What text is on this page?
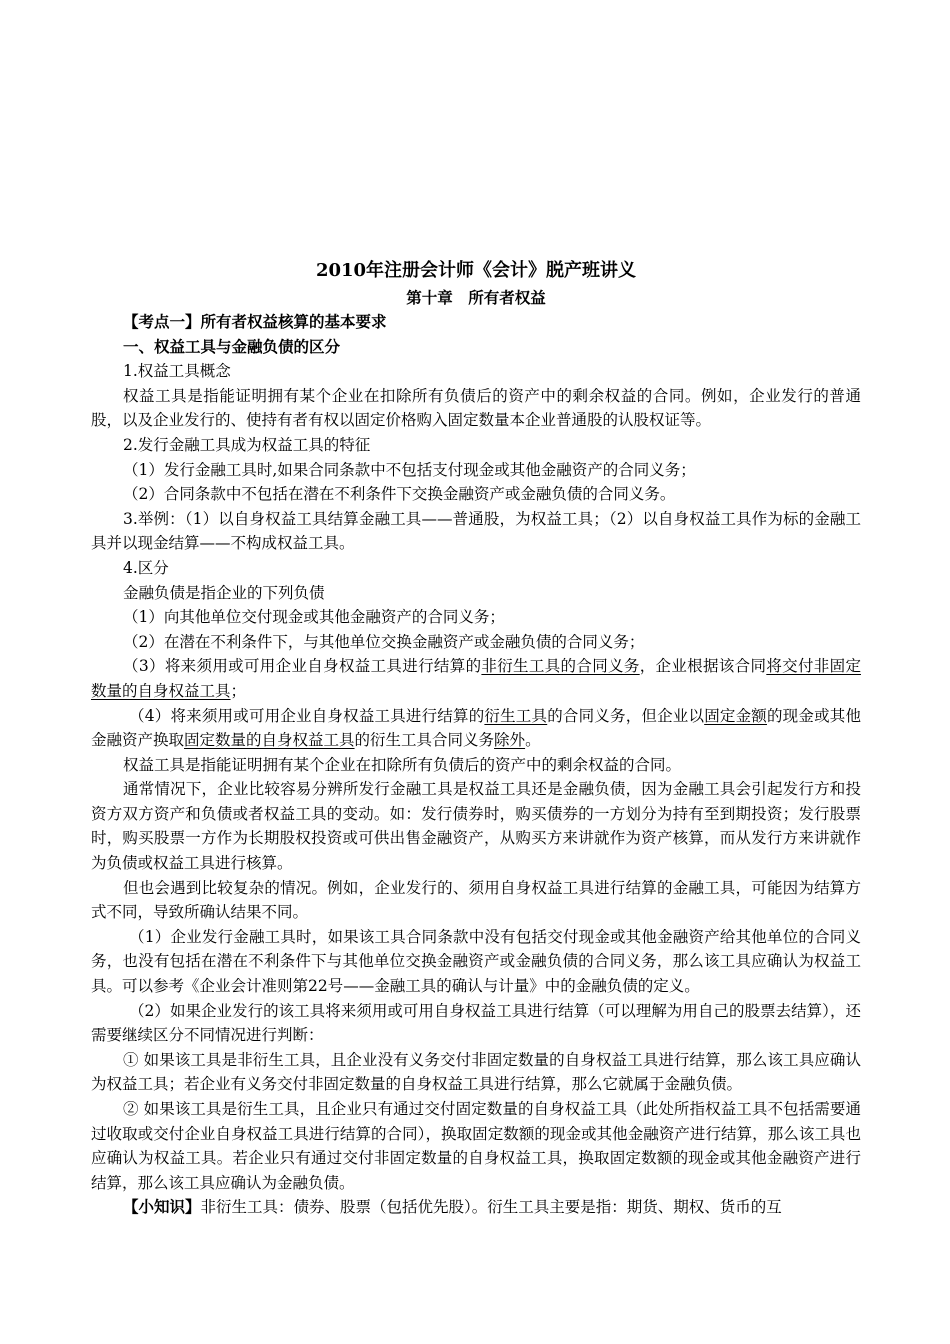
2010年注册会计师《会计》脱产班讲义
第十章　所有者权益

【考点一】所有者权益核算的基本要求

一、权益工具与金融负债的区分

1.权益工具概念

权益工具是指能证明拥有某个企业在扣除所有负债后的资产中的剩余权益的合同。例如，企业发行的普通股，以及企业发行的、使持有者有权以固定价格购入固定数量本企业普通股的认股权证等。

2.发行金融工具成为权益工具的特征

（1）发行金融工具时,如果合同条款中不包括支付现金或其他金融资产的合同义务；

（2）合同条款中不包括在潜在不利条件下交换金融资产或金融负债的合同义务。

3.举例：（1）以自身权益工具结算金融工具——普通股，为权益工具；（2）以自身权益工具作为标的金融工具并以现金结算——不构成权益工具。

4.区分

金融负债是指企业的下列负债

（1）向其他单位交付现金或其他金融资产的合同义务；

（2）在潜在不利条件下，与其他单位交换金融资产或金融负债的合同义务；

（3）将来须用或可用企业自身权益工具进行结算的非衍生工具的合同义务，企业根据该合同将交付非固定数量的自身权益工具；

（4）将来须用或可用企业自身权益工具进行结算的衍生工具的合同义务，但企业以固定金额的现金或其他金融资产换取固定数量的自身权益工具的衍生工具合同义务除外。

权益工具是指能证明拥有某个企业在扣除所有负债后的资产中的剩余权益的合同。

通常情况下，企业比较容易分辨所发行金融工具是权益工具还是金融负债，因为金融工具会引起发行方和投资方双方资产和负债或者权益工具的变动。如：发行债券时，购买债券的一方划分为持有至到期投资；发行股票时，购买股票一方作为长期股权投资或可供出售金融资产，从购买方来讲就作为资产核算，而从发行方来讲就作为负债或权益工具进行核算。

但也会遇到比较复杂的情况。例如，企业发行的、须用自身权益工具进行结算的金融工具，可能因为结算方式不同，导致所确认结果不同。

（1）企业发行金融工具时，如果该工具合同条款中没有包括交付现金或其他金融资产给其他单位的合同义务，也没有包括在潜在不利条件下与其他单位交换金融资产或金融负债的合同义务，那么该工具应确认为权益工具。可以参考《企业会计准则第22号——金融工具的确认与计量》中的金融负债的定义。

（2）如果企业发行的该工具将来须用或可用自身权益工具进行结算（可以理解为用自己的股票去结算），还需要继续区分不同情况进行判断：

① 如果该工具是非衍生工具，且企业没有义务交付非固定数量的自身权益工具进行结算，那么该工具应确认为权益工具；若企业有义务交付非固定数量的自身权益工具进行结算，那么它就属于金融负债。

② 如果该工具是衍生工具，且企业只有通过交付固定数量的自身权益工具（此处所指权益工具不包括需要通过收取或交付企业自身权益工具进行结算的合同），换取固定数额的现金或其他金融资产进行结算，那么该工具也应确认为权益工具。若企业只有通过交付非固定数量的自身权益工具，换取固定数额的现金或其他金融资产进行结算，那么该工具应确认为金融负债。

【小知识】非衍生工具：债券、股票（包括优先股）。衍生工具主要是指：期货、期权、货币的互
